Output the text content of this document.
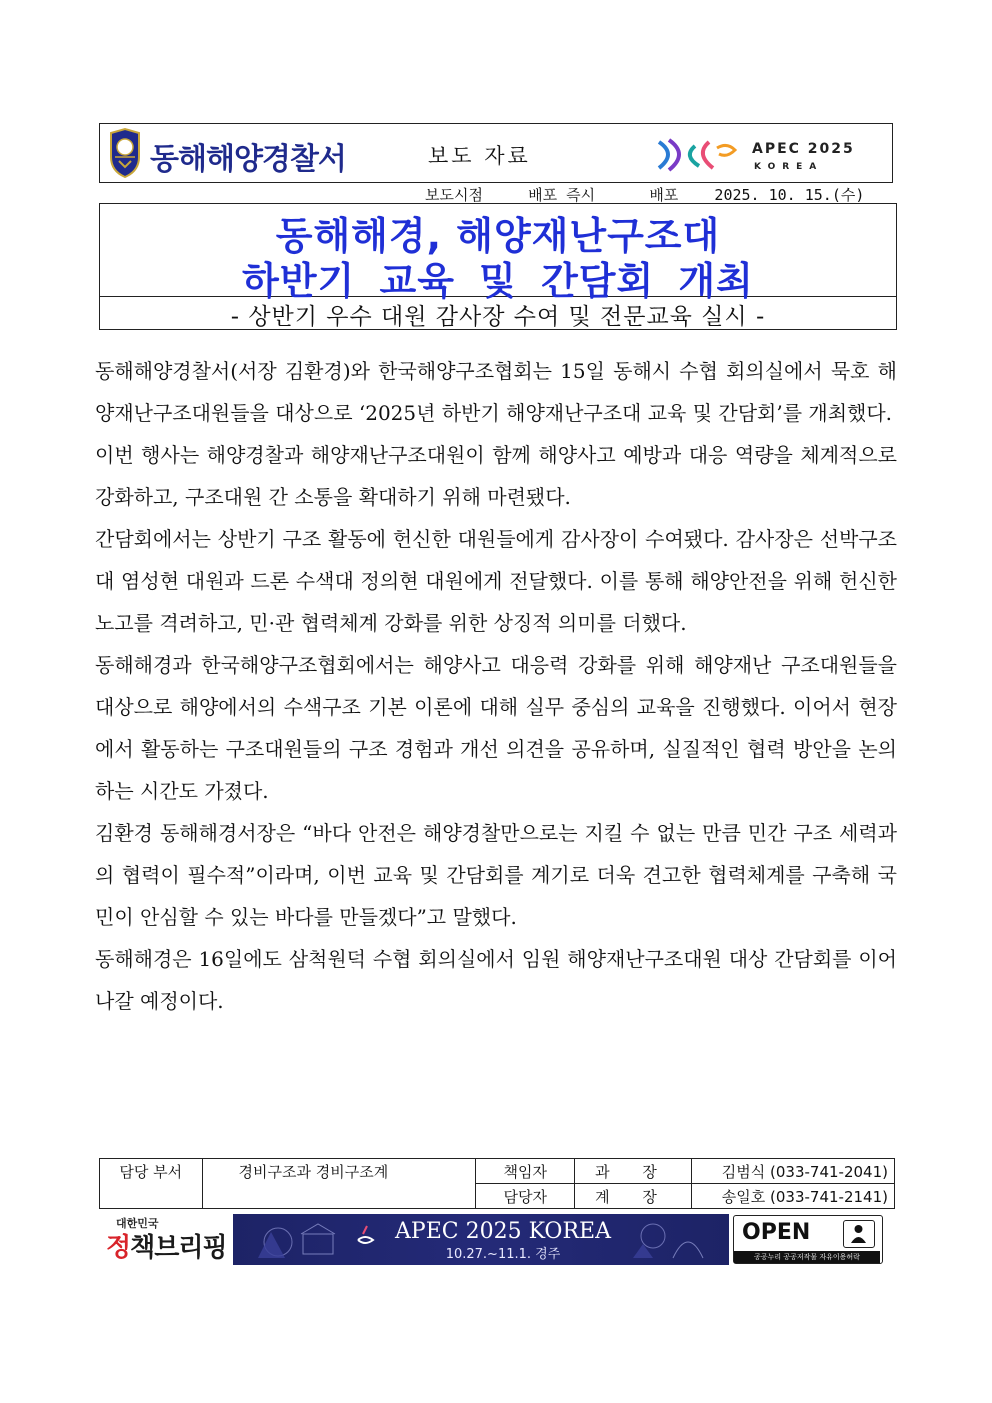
동해해양경찰서	보도 자료	APEC 2025
KOREA
보도시점	배포 즉시	배포 2025. 10. 15.(수)
동해해경, 해양재난구조대
하반기 교육 및 간담회 개최
- 상반기 우수 대원 감사장 수여 및 전문교육 실시 -

동해해양경찰서(서장 김환경)와 한국해양구조협회는 15일 동해시 수협 회의실에서 묵호 해양재난구조대원들을 대상으로 ‘2025년 하반기 해양재난구조대 교육 및 간담회’를 개최했다.

이번 행사는 해양경찰과 해양재난구조대원이 함께 해양사고 예방과 대응 역량을 체계적으로 강화하고, 구조대원 간 소통을 확대하기 위해 마련됐다.

간담회에서는 상반기 구조 활동에 헌신한 대원들에게 감사장이 수여됐다. 감사장은 선박구조대 염성현 대원과 드론 수색대 정의현 대원에게 전달했다. 이를 통해 해양안전을 위해 헌신한 노고를 격려하고, 민·관 협력체계 강화를 위한 상징적 의미를 더했다.

동해해경과 한국해양구조협회에서는 해양사고 대응력 강화를 위해 해양재난 구조대원들을 대상으로 해양에서의 수색구조 기본 이론에 대해 실무 중심의 교육을 진행했다. 이어서 현장에서 활동하는 구조대원들의 구조 경험과 개선 의견을 공유하며, 실질적인 협력 방안을 논의하는 시간도 가졌다.

김환경 동해해경서장은 “바다 안전은 해양경찰만으로는 지킬 수 없는 만큼 민간 구조 세력과의 협력이 필수적”이라며, 이번 교육 및 간담회를 계기로 더욱 견고한 협력체계를 구축해 국민이 안심할 수 있는 바다를 만들겠다”고 말했다.

동해해경은 16일에도 삼척원덕 수협 회의실에서 임원 해양재난구조대원 대상 간담회를 이어나갈 예정이다.

담당 부서	경비구조과 경비구조계	책임자	과 장	김범식 (033-741-2041)
		담당자	계 장	송일호 (033-741-2141)
대한민국
정책브리핑
APEC 2025 KOREA
10.27.~11.1. 경주
OPEN
공공누리 공공저작물 자유이용허락
